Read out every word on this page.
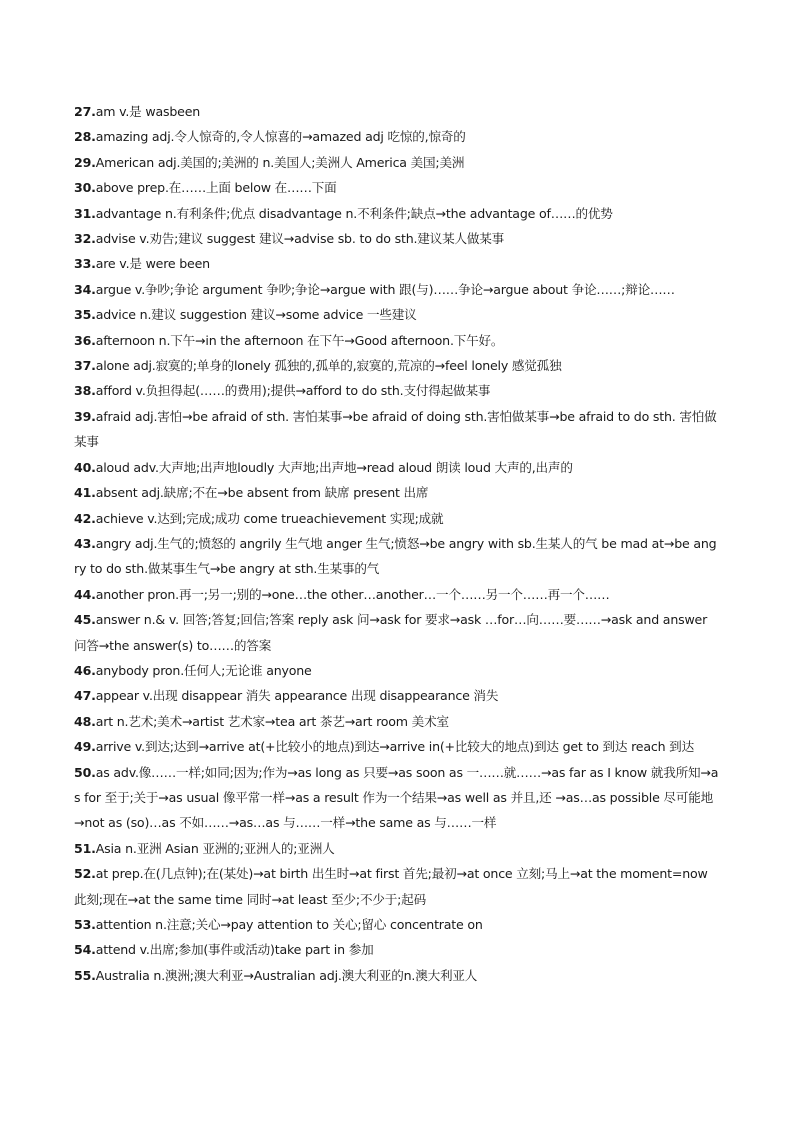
27.am v.是 wasbeen

28.amazing adj.令人惊奇的,令人惊喜的→amazed adj 吃惊的,惊奇的

29.American adj.美国的;美洲的 n.美国人;美洲人 America 美国;美洲

30.above prep.在……上面 below 在……下面

31.advantage n.有利条件;优点 disadvantage n.不利条件;缺点→the advantage of……的优势

32.advise v.劝告;建议 suggest 建议→advise sb. to do sth.建议某人做某事

33.are v.是 were been

34.argue v.争吵;争论 argument 争吵;争论→argue with 跟(与)……争论→argue about 争论……;辩论……

35.advice n.建议 suggestion 建议→some advice 一些建议

36.afternoon n.下午→in the afternoon 在下午→Good afternoon.下午好。

37.alone adj.寂寞的;单身的lonely 孤独的,孤单的,寂寞的,荒凉的→feel lonely 感觉孤独

38.afford v.负担得起(……的费用);提供→afford to do sth.支付得起做某事

39.afraid adj.害怕→be afraid of sth. 害怕某事→be afraid of doing sth.害怕做某事→be afraid to do sth. 害怕做某事

40.aloud adv.大声地;出声地loudly 大声地;出声地→read aloud 朗读 loud 大声的,出声的

41.absent adj.缺席;不在→be absent from 缺席 present 出席

42.achieve v.达到;完成;成功 come trueachievement 实现;成就

43.angry adj.生气的;愤怒的 angrily 生气地 anger 生气;愤怒→be angry with sb.生某人的气 be mad at→be angry to do sth.做某事生气→be angry at sth.生某事的气

44.another pron.再一;另一;别的→one…the other…another…一个……另一个……再一个……

45.answer n.& v. 回答;答复;回信;答案 reply ask 问→ask for 要求→ask …for…向……要……→ask and answer 问答→the answer(s) to……的答案

46.anybody pron.任何人;无论谁 anyone

47.appear v.出现 disappear 消失 appearance 出现 disappearance 消失

48.art n.艺术;美术→artist 艺术家→tea art 茶艺→art room 美术室

49.arrive v.到达;达到→arrive at(+比较小的地点)到达→arrive in(+比较大的地点)到达 get to 到达 reach 到达

50.as adv.像……一样;如同;因为;作为→as long as 只要→as soon as 一……就……→as far as I know 就我所知→as for 至于;关于→as usual 像平常一样→as a result 作为一个结果→as well as 并且,还 →as…as possible 尽可能地 →not as (so)…as 不如……→as…as 与……一样→the same as 与……一样

51.Asia n.亚洲 Asian 亚洲的;亚洲人的;亚洲人

52.at prep.在(几点钟);在(某处)→at birth 出生时→at first 首先;最初→at once 立刻;马上→at the moment=now 此刻;现在→at the same time 同时→at least 至少;不少于;起码

53.attention n.注意;关心→pay attention to 关心;留心 concentrate on

54.attend v.出席;参加(事件或活动)take part in 参加

55.Australia n.澳洲;澳大利亚→Australian adj.澳大利亚的n.澳大利亚人
